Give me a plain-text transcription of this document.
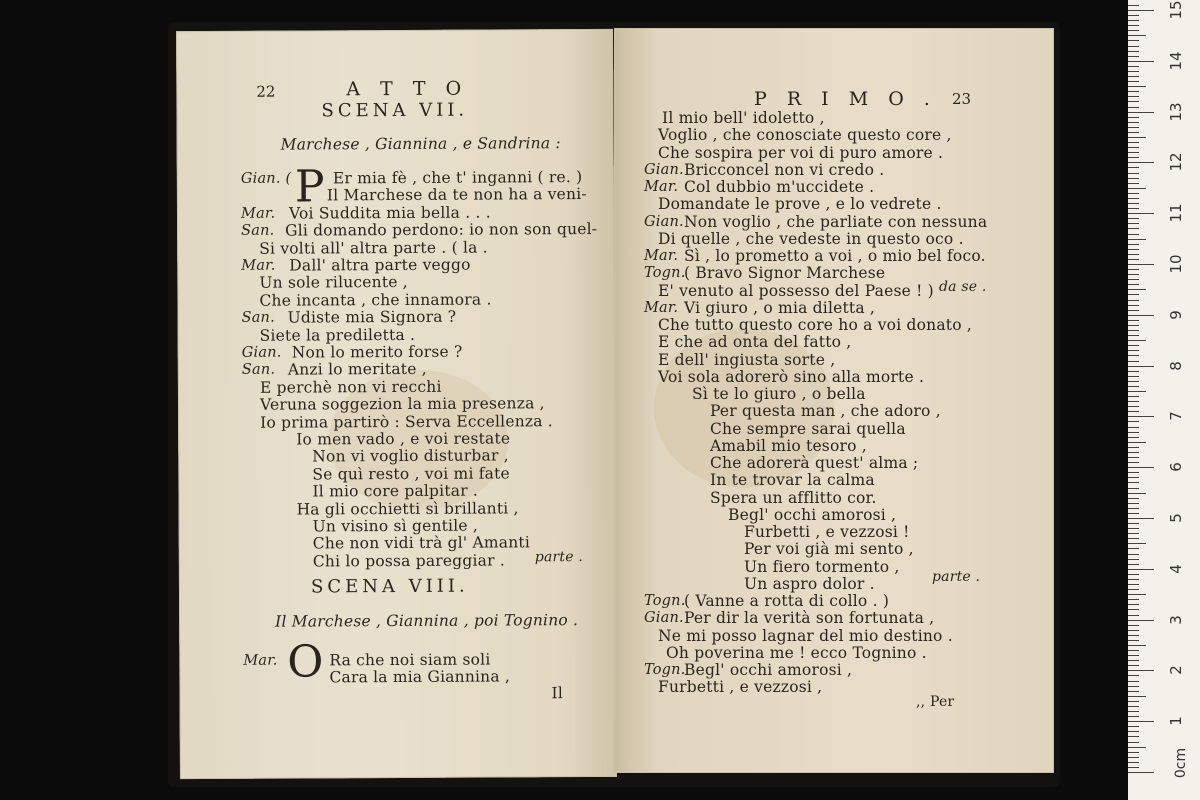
22	A T T O
SCENA VII.
Marchese , Giannina , e Sandrina :
P
Gian. (	Er mia fè , che t' inganni ( re. )
Il Marchese da te non ha a veni-
Mar. Voi Suddita mia bella . . .
San. Gli domando perdono: io non son quel-
Si volti all' altra parte . ( la .
Mar. Dall' altra parte veggo
Un sole rilucente ,
Che incanta , che innamora .
San. Udiste mia Signora ?
Siete la prediletta .
Gian. Non lo merito forse ?
San. Anzi lo meritate ,
E perchè non vi recchi
Veruna soggezion la mia presenza ,
Io prima partirò : Serva Eccellenza .
Io men vado , e voi restate
Non vi voglio disturbar ,
Se quì resto , voi mi fate
Il mio core palpitar .
Ha gli occhietti sì brillanti ,
Un visino sì gentile ,
Che non vidi trà gl' Amanti
Chi lo possa pareggiar . parte .
SCENA VIII.
Il Marchese , Giannina , poi Tognino .
O
Mar.	Ra che noi siam soli
Cara la mia Giannina ,
Il
P R I M O . 23
Il mio bell' idoletto ,
Voglio , che conosciate questo core ,
Che sospira per voi di puro amore .
Gian. Bricconcel non vi credo .
Mar. Col dubbio m'uccidete .
Domandate le prove , e lo vedrete .
Gian. Non voglio , che parliate con nessuna
Di quelle , che vedeste in questo oco .
Mar. Sì , lo prometto a voi , o mio bel foco.
Togn.
( Bravo Signor Marchese
E' venuto al possesso del Paese ! )
Mar. Vi giuro , o mia diletta ,
Che tutto questo core ho a voi donato ,
E che ad onta del fatto ,
E dell' ingiusta sorte ,
Voi sola adorerò sino alla morte .
Sì te lo giuro , o bella
Per questa man , che adoro ,
Che sempre sarai quella
Amabil mio tesoro ,
Che adorerà quest' alma ;
In te trovar la calma
Spera un afflitto cor.
Begl' occhi amorosi ,
Furbetti , e vezzosi !
Per voi già mi sento ,
Un fiero tormento ,
Un aspro dolor .
Togn.
( Vanne a rotta di collo . )
Gian. Per dir la verità son fortunata ,
Ne mi posso lagnar del mio destino .
Oh poverina me ! ecco Tognino .
Togn.
Begl' occhi amorosi ,
Furbetti , e vezzosi ,
da se .
parte .
,, Per
0cm
1
2
3
4
5
6
7
8
9
10
11
12
13
14
15
